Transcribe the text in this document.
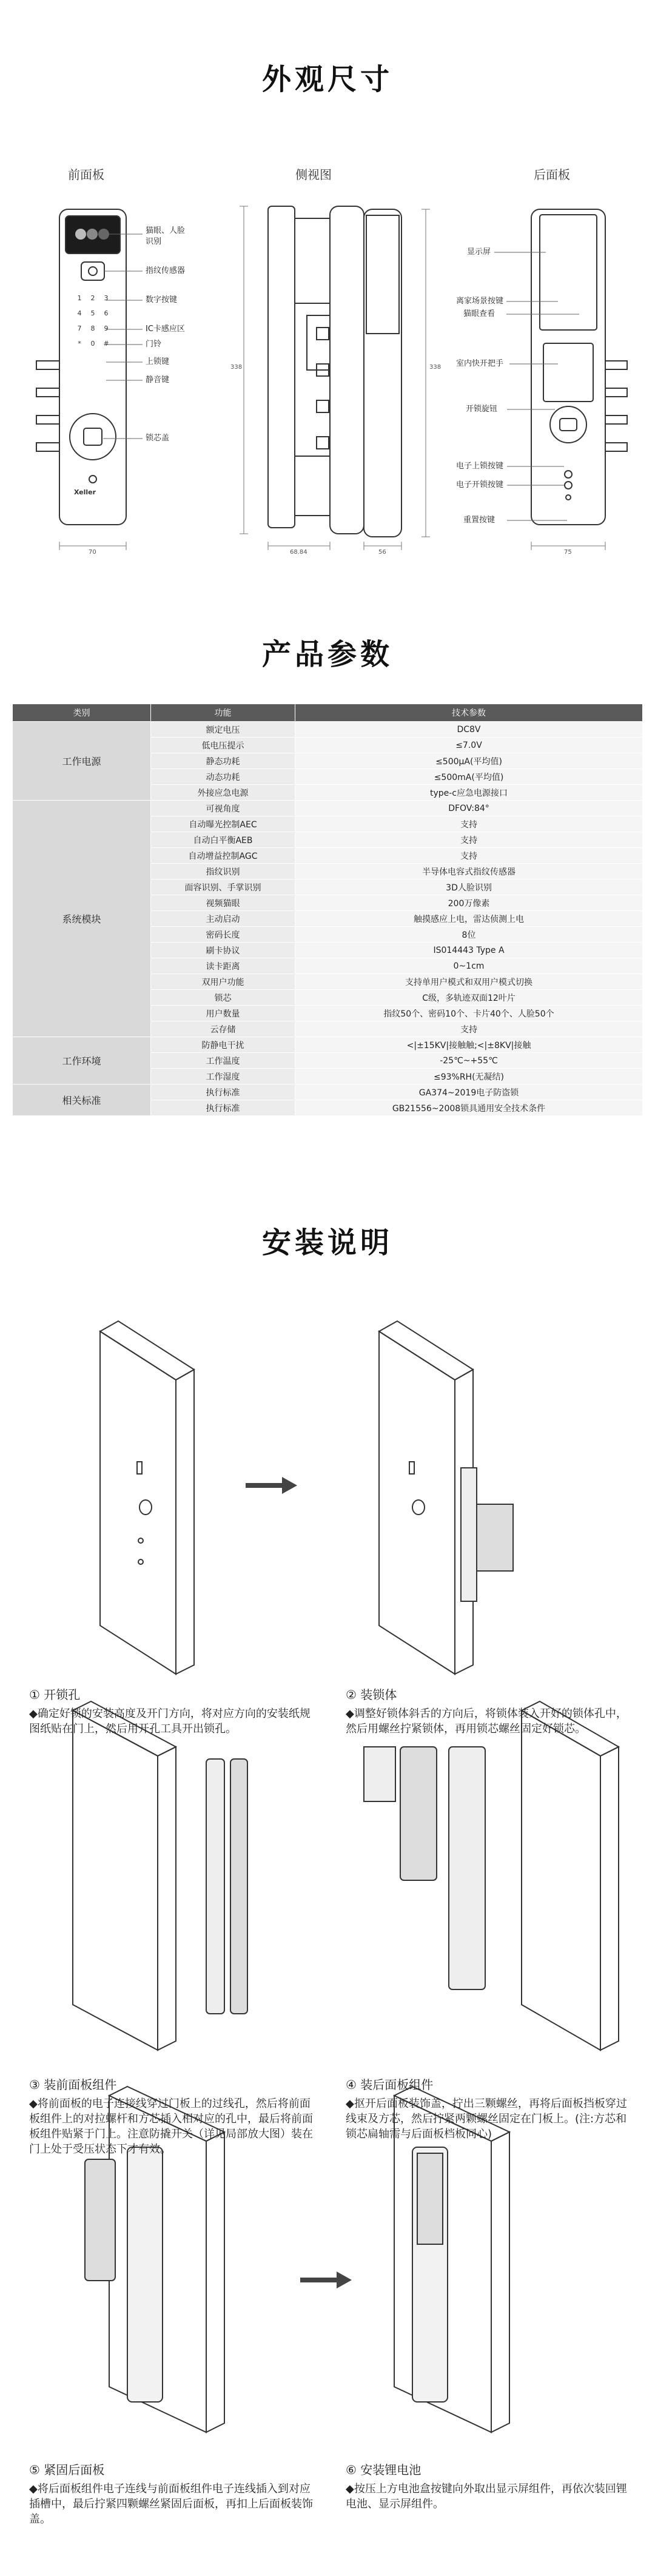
外观尺寸
前面板	侧视图	后面板
Xeller
1	2	3
4	5	6
7	8	9
*	0	#
猫眼、人脸识别
指纹传感器
数字按键
IC卡感应区
门铃
上锁键
静音键
锁芯盖
显示屏
离家场景按键
猫眼查看
室内快开把手
开锁旋钮
电子上锁按键
电子开锁按键
重置按键
70
338
68.84	56
338
75
产品参数
类别	功能	技术参数
工作电源	额定电压	DC8V
	低电压提示	≤7.0V
	静态功耗	≤500μA(平均值)
	动态功耗	≤500mA(平均值)
	外接应急电源	type-c应急电源接口
系统模块	可视角度	DFOV:84°
	自动曝光控制AEC	支持
	自动白平衡AEB	支持
	自动增益控制AGC	支持
	指纹识别	半导体电容式指纹传感器
	面容识别、手掌识别	3D人脸识别
	视频猫眼	200万像素
	主动启动	触摸感应上电，雷达侦测上电
	密码长度	8位
	刷卡协议	IS014443 Type A
	读卡距离	0~1cm
	双用户功能	支持单用户模式和双用户模式切换
	锁芯	C级，多轨迹双面12叶片
	用户数量	指纹50个、密码10个、卡片40个、人脸50个
	云存储	支持
工作环境	防静电干扰	<|±15KV|接触触;<|±8KV|接触
	工作温度	-25℃~+55℃
	工作湿度	≤93%RH(无凝结)
相关标准	执行标准	GA374~2019电子防盗锁
	执行标准	GB21556~2008锁具通用安全技术条件
安装说明
① 开锁孔
◆确定好锁的安装高度及开门方向，将对应方向的安装纸规图纸贴在门上，然后用开孔工具开出锁孔。
② 装锁体
◆调整好锁体斜舌的方向后，将锁体装入开好的锁体孔中，然后用螺丝拧紧锁体，再用锁芯螺丝固定好锁芯。
③ 装前面板组件
◆将前面板的电子连接线穿过门板上的过线孔，然后将前面板组件上的对拉螺杆和方芯插入相对应的孔中，最后将前面板组件贴紧于门上。注意防撬开关（详见局部放大图）装在门上处于受压状态下才有效。
④ 装后面板组件
◆抠开后面板装饰盖，拧出三颗螺丝，再将后面板挡板穿过线束及方芯，然后拧紧两颗螺丝固定在门板上。(注:方芯和锁芯扁轴需与后面板档板同心)
⑤ 紧固后面板
◆将后面板组件电子连线与前面板组件电子连线插入到对应插槽中，最后拧紧四颗螺丝紧固后面板，再扣上后面板装饰盖。
⑥ 安装锂电池
◆按压上方电池盒按键向外取出显示屏组件，再依次装回锂电池、显示屏组件。
